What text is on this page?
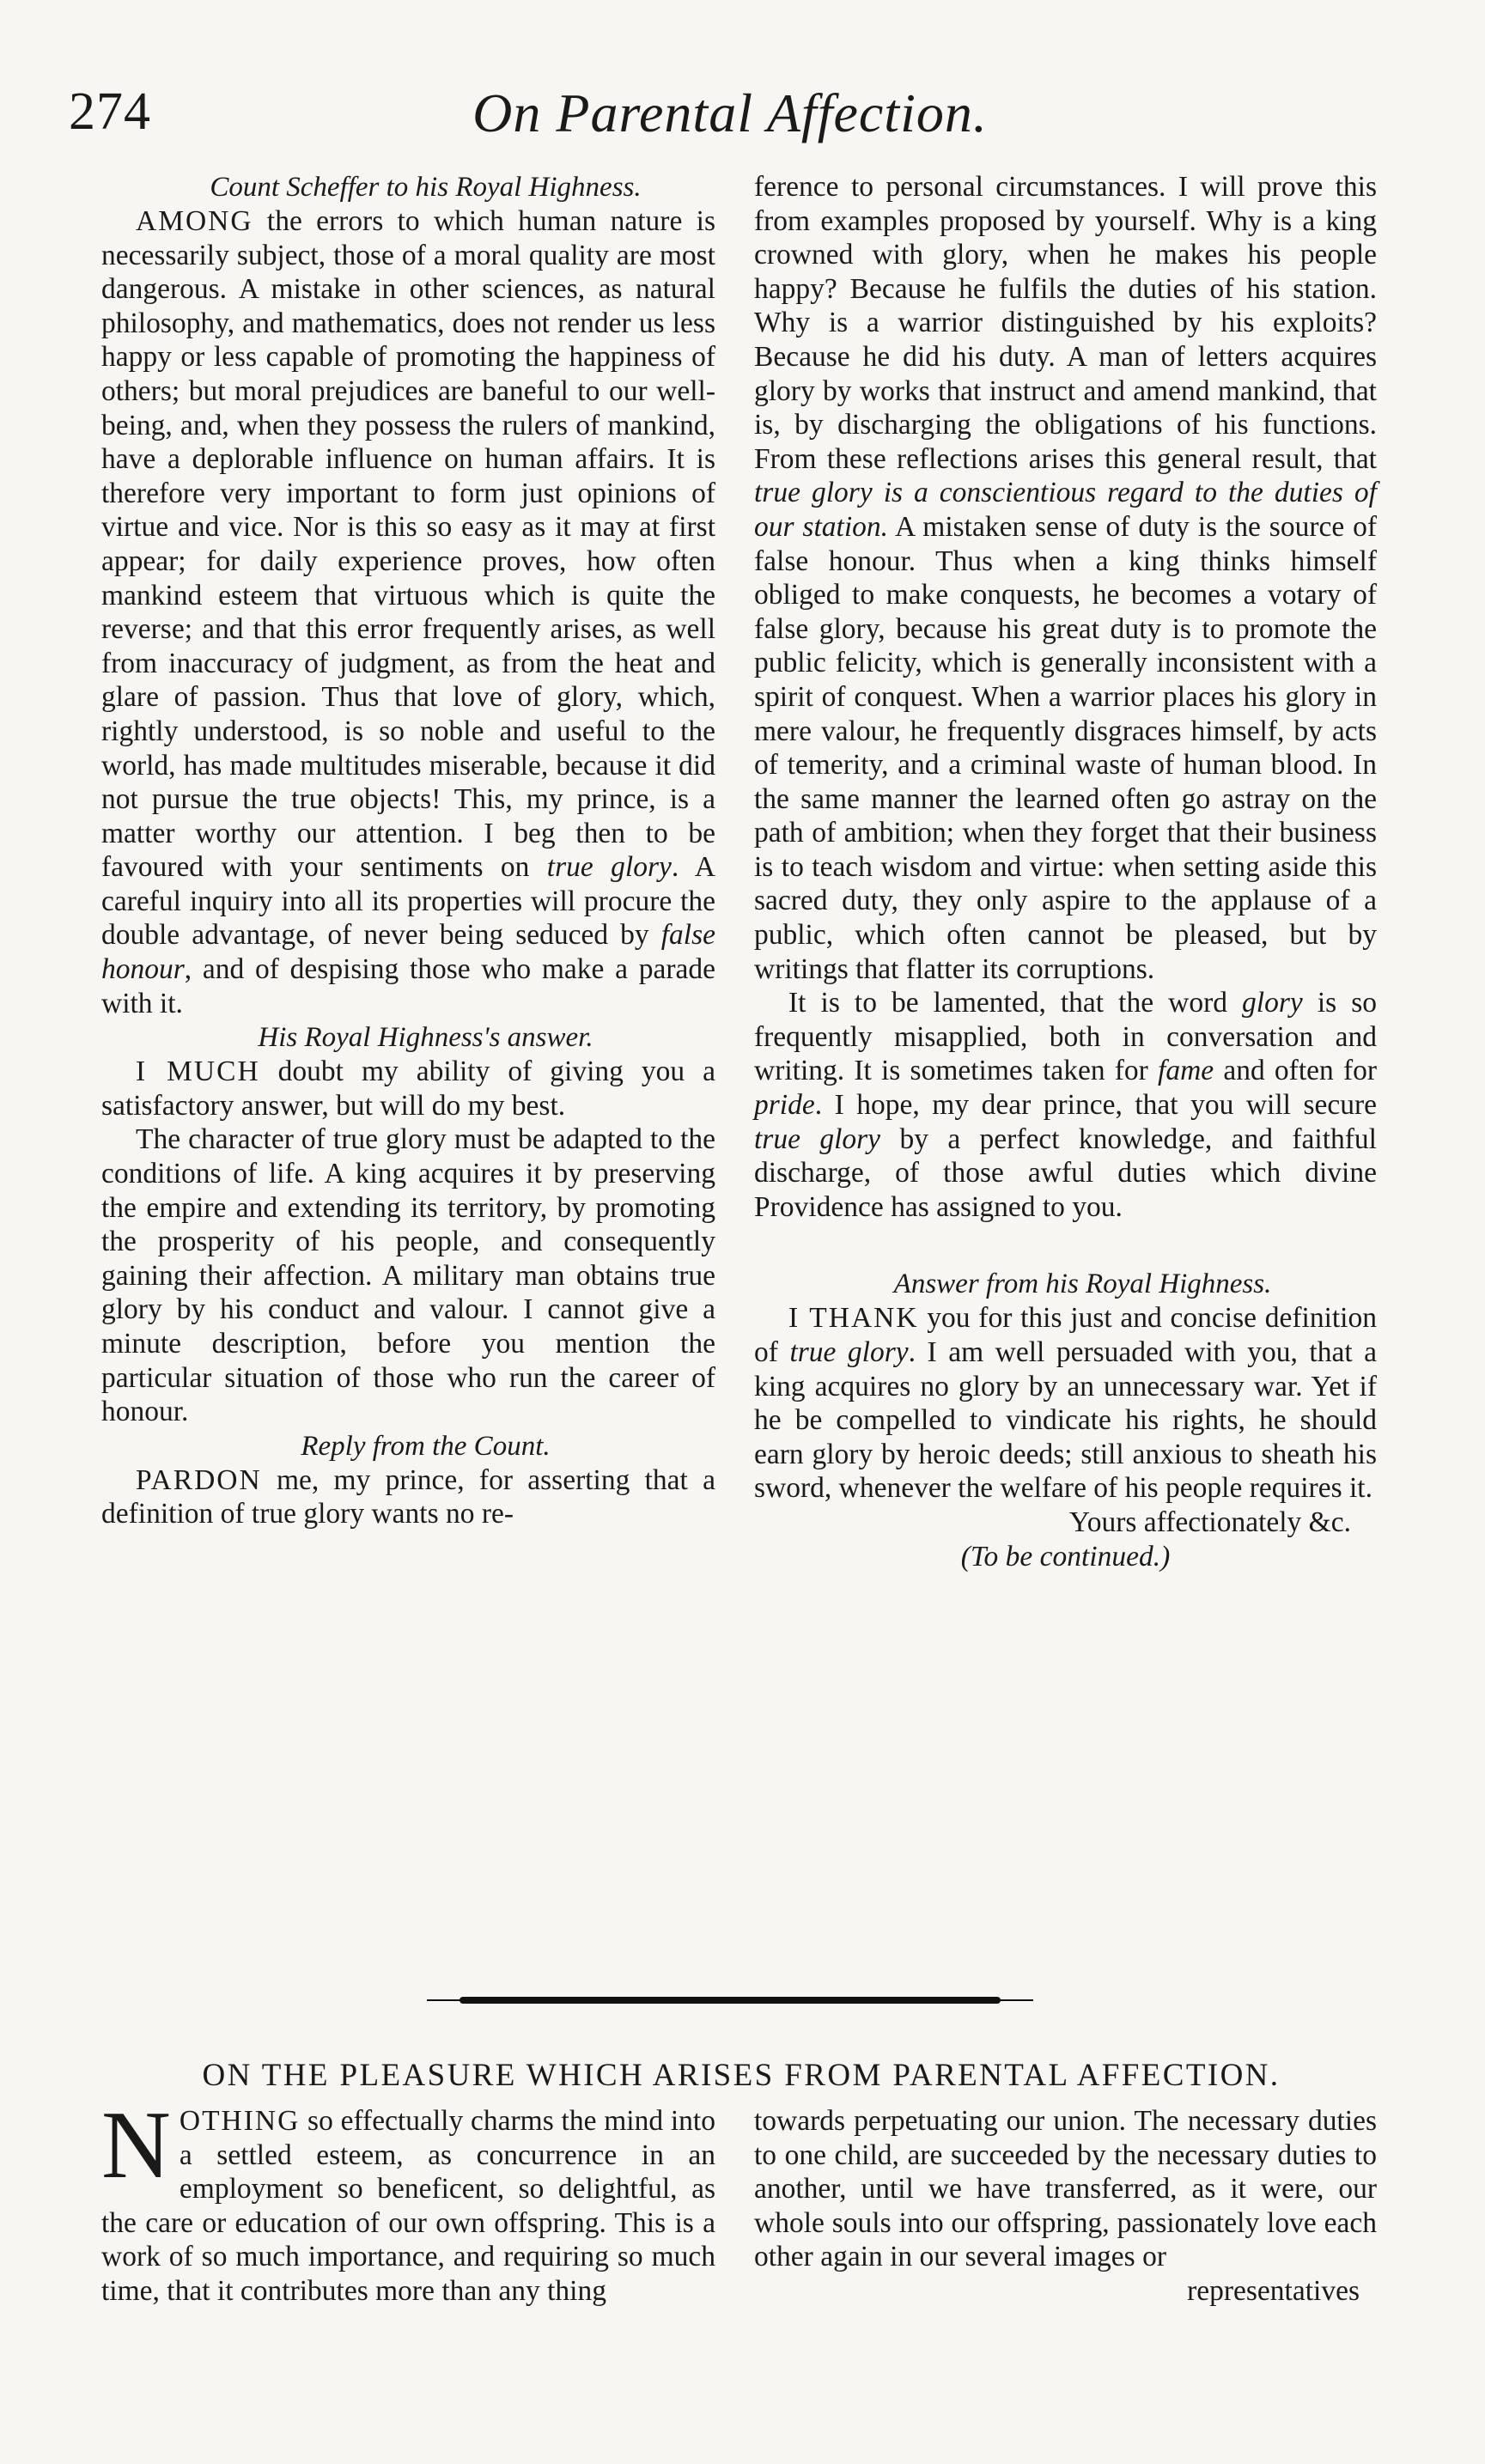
274	On Parental Affection.

Count Scheffer to his Royal Highness.

AMONG the errors to which human nature is necessarily subject, those of a moral quality are most dangerous. A mistake in other sciences, as natural philosophy, and mathematics, does not render us less happy or less capable of promoting the happiness of others; but moral prejudices are baneful to our well-being, and, when they possess the rulers of mankind, have a deplorable influence on human affairs. It is therefore very important to form just opinions of virtue and vice. Nor is this so easy as it may at first appear; for daily experience proves, how often mankind esteem that virtuous which is quite the reverse; and that this error frequently arises, as well from inaccuracy of judgment, as from the heat and glare of passion. Thus that love of glory, which, rightly understood, is so noble and useful to the world, has made multitudes miserable, because it did not pursue the true objects! This, my prince, is a matter worthy our attention. I beg then to be favoured with your sentiments on true glory. A careful inquiry into all its properties will procure the double advantage, of never being seduced by false honour, and of despising those who make a parade with it.

His Royal Highness's answer.

I MUCH doubt my ability of giving you a satisfactory answer, but will do my best.

The character of true glory must be adapted to the conditions of life. A king acquires it by preserving the empire and extending its territory, by promoting the prosperity of his people, and consequently gaining their affection. A military man obtains true glory by his conduct and valour. I cannot give a minute description, before you mention the particular situation of those who run the career of honour.

Reply from the Count.

PARDON me, my prince, for asserting that a definition of true glory wants no re-

ference to personal circumstances. I will prove this from examples proposed by yourself. Why is a king crowned with glory, when he makes his people happy? Because he fulfils the duties of his station. Why is a warrior distinguished by his exploits? Because he did his duty. A man of letters acquires glory by works that instruct and amend mankind, that is, by discharging the obligations of his functions. From these reflections arises this general result, that true glory is a conscientious regard to the duties of our station. A mistaken sense of duty is the source of false honour. Thus when a king thinks himself obliged to make conquests, he becomes a votary of false glory, because his great duty is to promote the public felicity, which is generally inconsistent with a spirit of conquest. When a warrior places his glory in mere valour, he frequently disgraces himself, by acts of temerity, and a criminal waste of human blood. In the same manner the learned often go astray on the path of ambition; when they forget that their business is to teach wisdom and virtue: when setting aside this sacred duty, they only aspire to the applause of a public, which often cannot be pleased, but by writings that flatter its corruptions.

It is to be lamented, that the word glory is so frequently misapplied, both in conversation and writing. It is sometimes taken for fame and often for pride. I hope, my dear prince, that you will secure true glory by a perfect knowledge, and faithful discharge, of those awful duties which divine Providence has assigned to you.

Answer from his Royal Highness.

I THANK you for this just and concise definition of true glory. I am well persuaded with you, that a king acquires no glory by an unnecessary war. Yet if he be compelled to vindicate his rights, he should earn glory by heroic deeds; still anxious to sheath his sword, whenever the welfare of his people requires it.

Yours affectionately &c.

(To be continued.)

ON THE PLEASURE WHICH ARISES FROM PARENTAL AFFECTION.

NOTHING so effectually charms the mind into a settled esteem, as concurrence in an employment so beneficent, so delightful, as the care or education of our own offspring. This is a work of so much importance, and requiring so much time, that it contributes more than any thing

towards perpetuating our union. The necessary duties to one child, are succeeded by the necessary duties to another, until we have transferred, as it were, our whole souls into our offspring, passionately love each other again in our several images or

representatives
